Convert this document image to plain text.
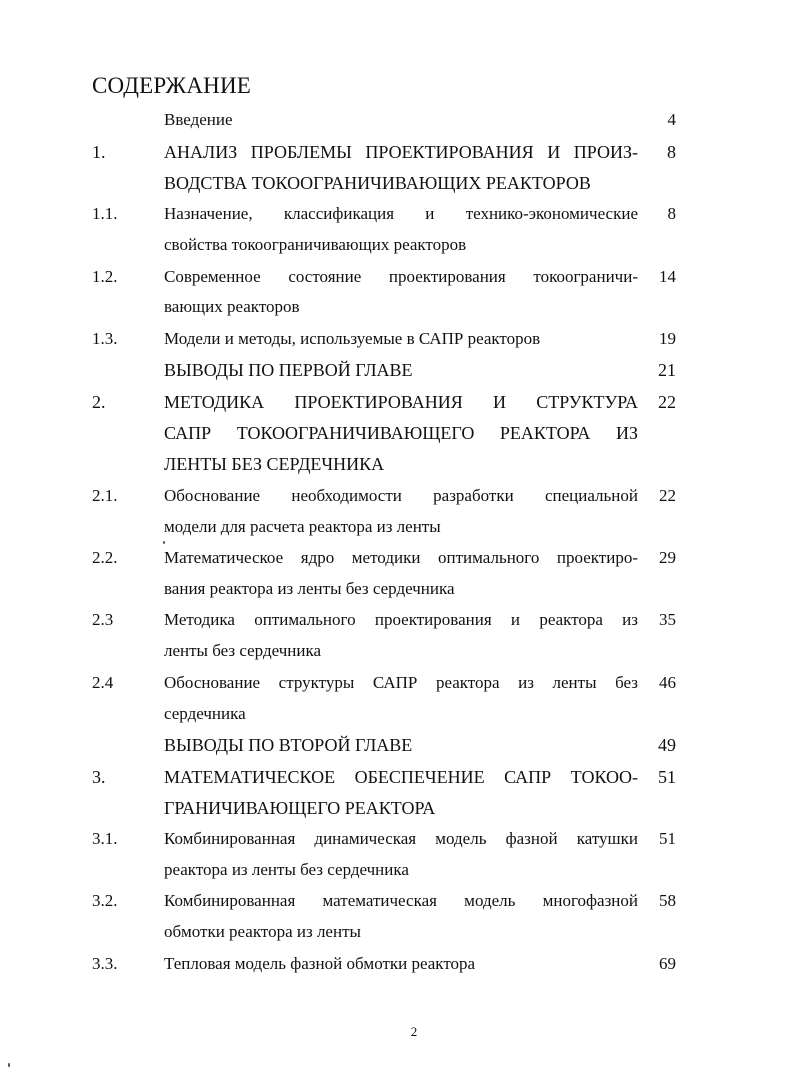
СОДЕРЖАНИЕ
Введение	4
1.	АНАЛИЗ ПРОБЛЕМЫ ПРОЕКТИРОВАНИЯ И ПРОИЗ-	8
ВОДСТВА ТОКООГРАНИЧИВАЮЩИХ РЕАКТОРОВ
1.1.	Назначение, классификация и технико-экономические	8
свойства токоограничивающих реакторов
1.2.	Современное состояние проектирования токоограничи-	14
вающих реакторов
1.3.	Модели и методы, используемые в САПР реакторов	19
ВЫВОДЫ ПО ПЕРВОЙ ГЛАВЕ	21
2.	МЕТОДИКА ПРОЕКТИРОВАНИЯ И СТРУКТУРА	22
САПР ТОКООГРАНИЧИВАЮЩЕГО РЕАКТОРА ИЗ
ЛЕНТЫ БЕЗ СЕРДЕЧНИКА
2.1.	Обоснование необходимости разработки специальной	22
модели для расчета реактора из ленты
2.2.	Математическое ядро методики оптимального проектиро-	29
вания реактора из ленты без сердечника
2.3	Методика оптимального проектирования и реактора из	35
ленты без сердечника
2.4	Обоснование структуры САПР реактора из ленты без	46
сердечника
ВЫВОДЫ ПО ВТОРОЙ ГЛАВЕ	49
3.	МАТЕМАТИЧЕСКОЕ ОБЕСПЕЧЕНИЕ САПР ТОКОО-	51
ГРАНИЧИВАЮЩЕГО РЕАКТОРА
3.1.	Комбинированная динамическая модель фазной катушки	51
реактора из ленты без сердечника
3.2.	Комбинированная математическая модель многофазной	58
обмотки реактора из ленты
3.3.	Тепловая модель фазной обмотки реактора	69
2
